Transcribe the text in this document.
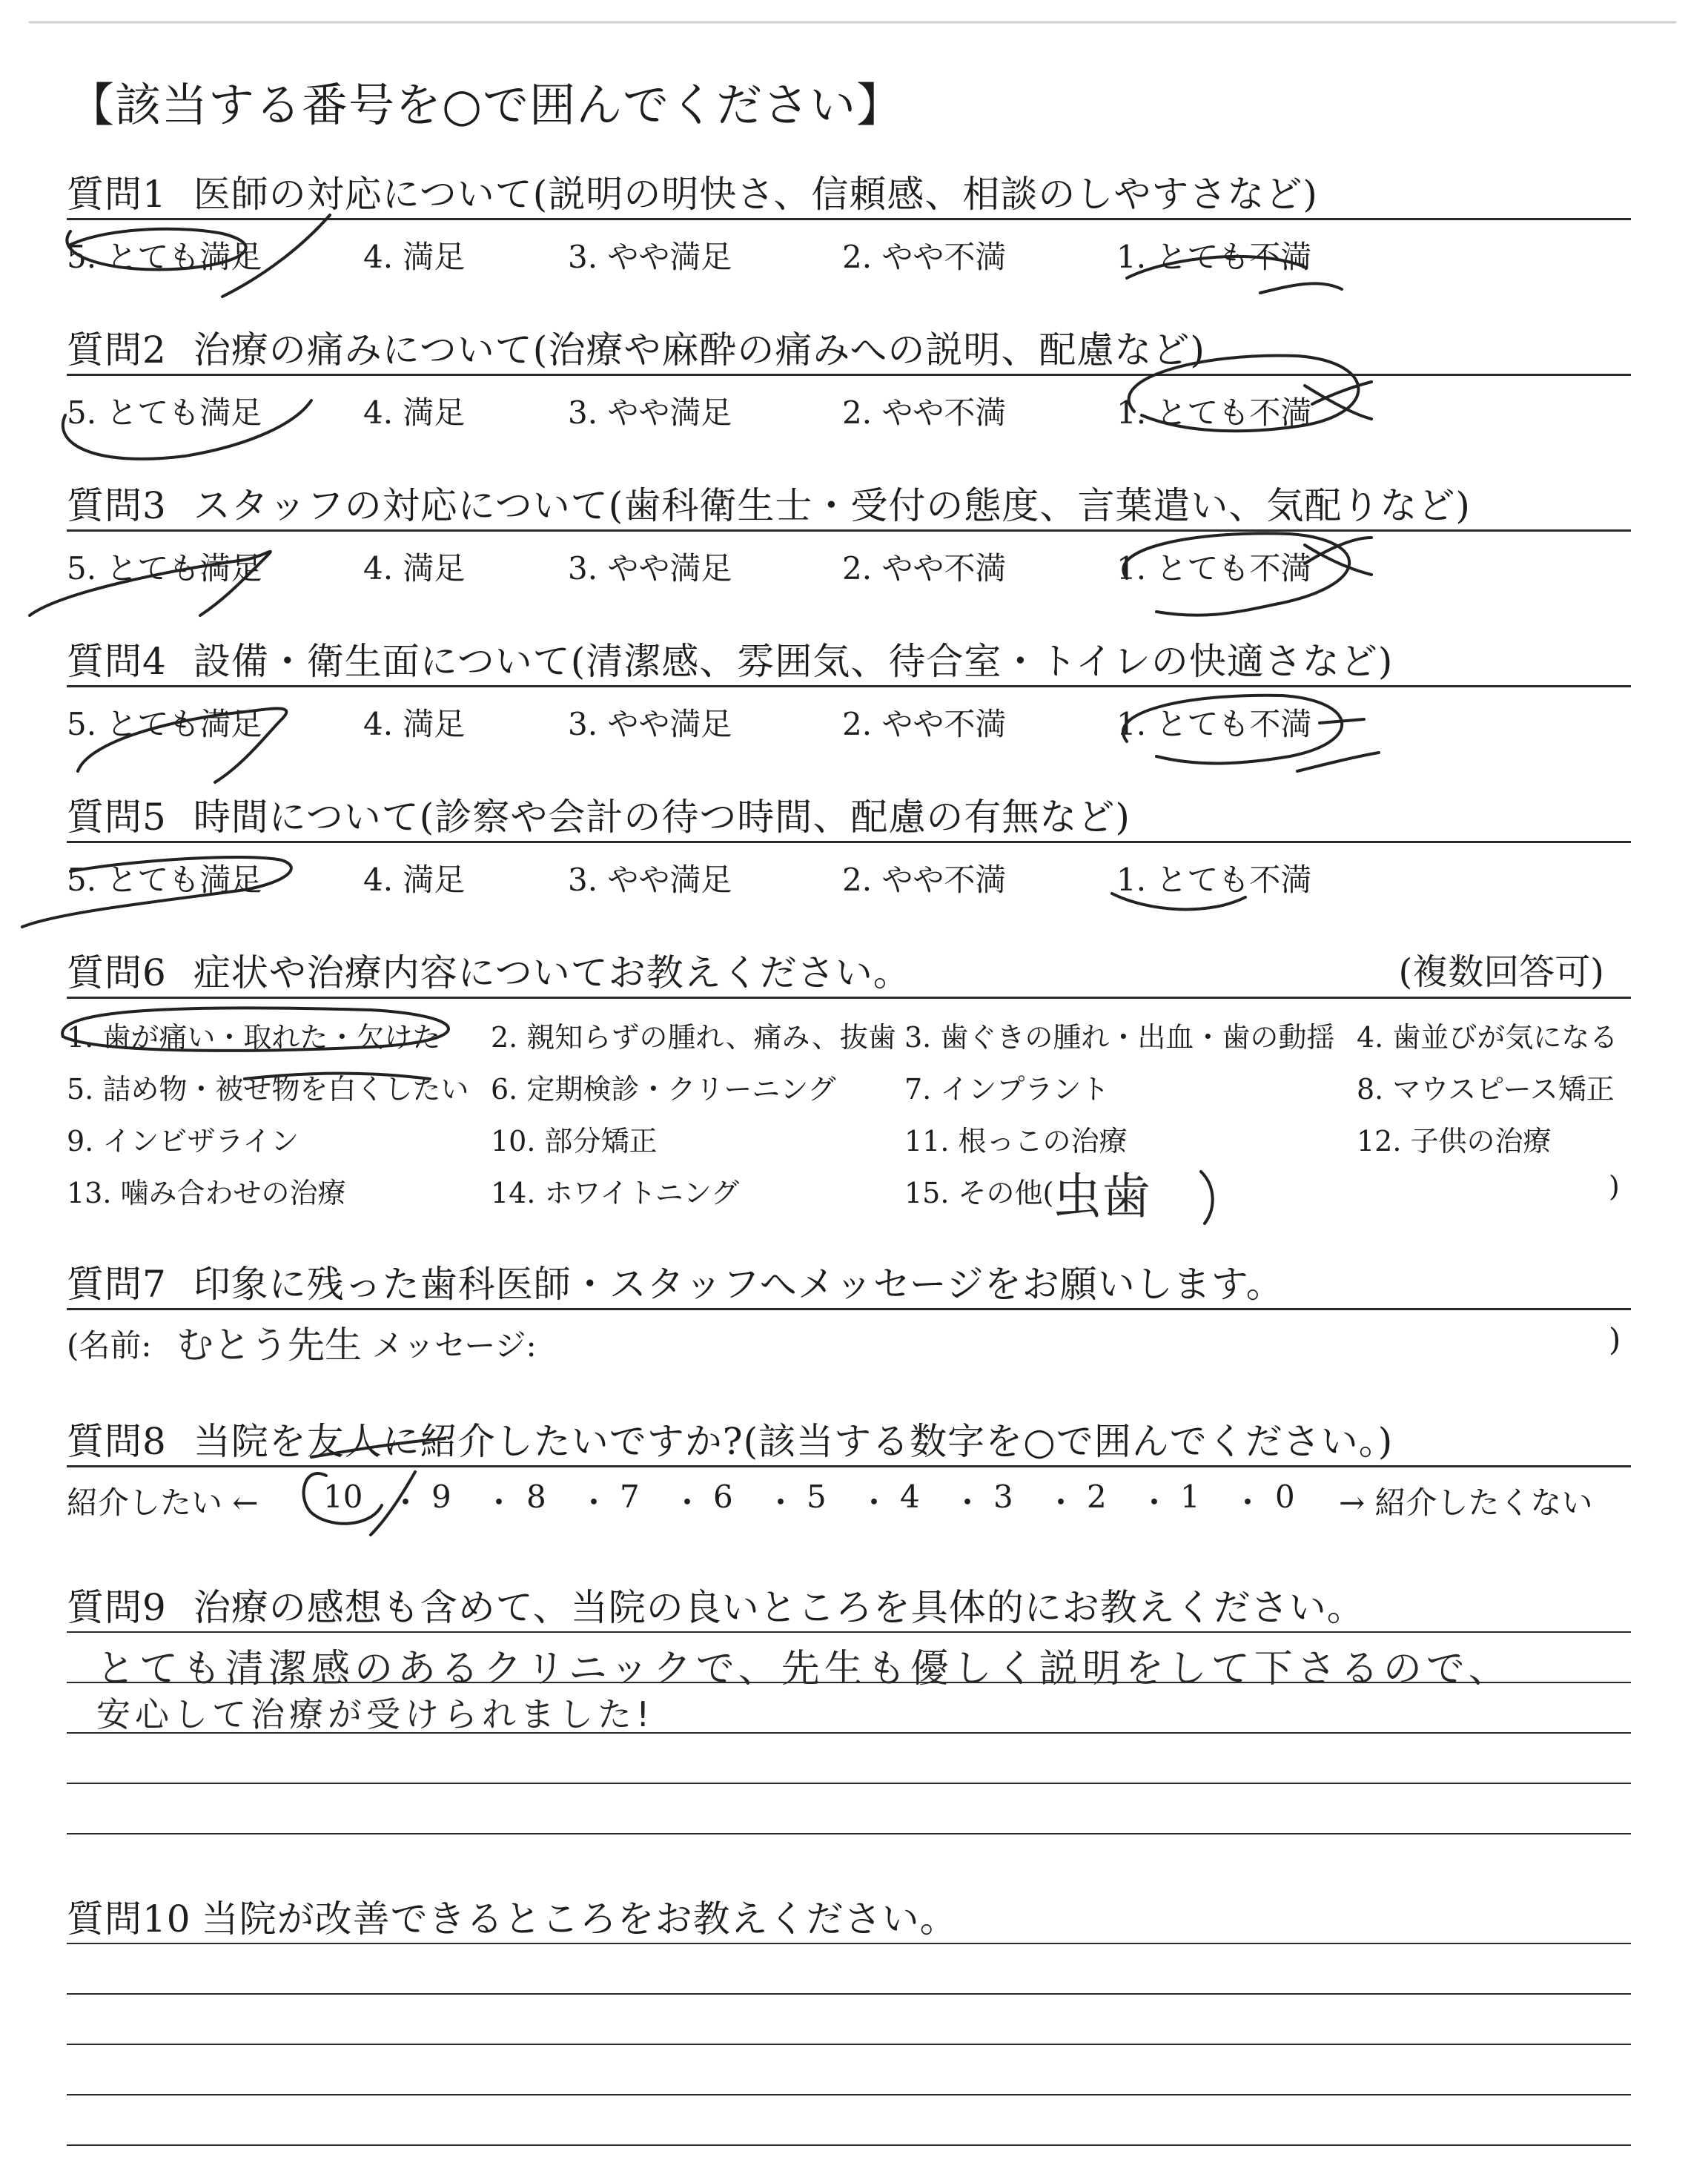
【該当する番号を○で囲んでください】
質問1 医師の対応について(説明の明快さ、信頼感、相談のしやすさなど)
5. とても満足	4. 満足	3. やや満足	2. やや不満	1. とても不満
質問2 治療の痛みについて(治療や麻酔の痛みへの説明、配慮など)
5. とても満足	4. 満足	3. やや満足	2. やや不満	1. とても不満
質問3 スタッフの対応について(歯科衛生士・受付の態度、言葉遣い、気配りなど)
5. とても満足	4. 満足	3. やや満足	2. やや不満	1. とても不満
質問4 設備・衛生面について(清潔感、雰囲気、待合室・トイレの快適さなど)
5. とても満足	4. 満足	3. やや満足	2. やや不満	1. とても不満
質問5 時間について(診察や会計の待つ時間、配慮の有無など)
5. とても満足	4. 満足	3. やや満足	2. やや不満	1. とても不満
質問6 症状や治療内容についてお教えください。	(複数回答可)
1. 歯が痛い・取れた・欠けた 2. 親知らずの腫れ、痛み、抜歯 3. 歯ぐきの腫れ・出血・歯の動揺 4. 歯並びが気になる
5. 詰め物・被せ物を白くしたい 6. 定期検診・クリーニング 7. インプラント	8. マウスピース矯正
9. インビザライン	10. 部分矯正	11. 根っこの治療	12. 子供の治療
13. 噛み合わせの治療	14. ホワイトニング	15. その他(
虫歯	)
質問7 印象に残った歯科医師・スタッフへメッセージをお願いします。
(名前: むとう先生 メッセージ:	)
質問8 当院を友人に紹介したいですか?(該当する数字を○で囲んでください。)
紹介したい ←	→ 紹介したくない
10 ・ 9 ・ 8 ・ 7 ・ 6 ・ 5 ・ 4 ・ 3 ・ 2 ・ 1 ・ 0
質問9 治療の感想も含めて、当院の良いところを具体的にお教えください。
とても清潔感のあるクリニックで、先生も優しく説明をして下さるので、
安心して治療が受けられました!
質問10 当院が改善できるところをお教えください。
